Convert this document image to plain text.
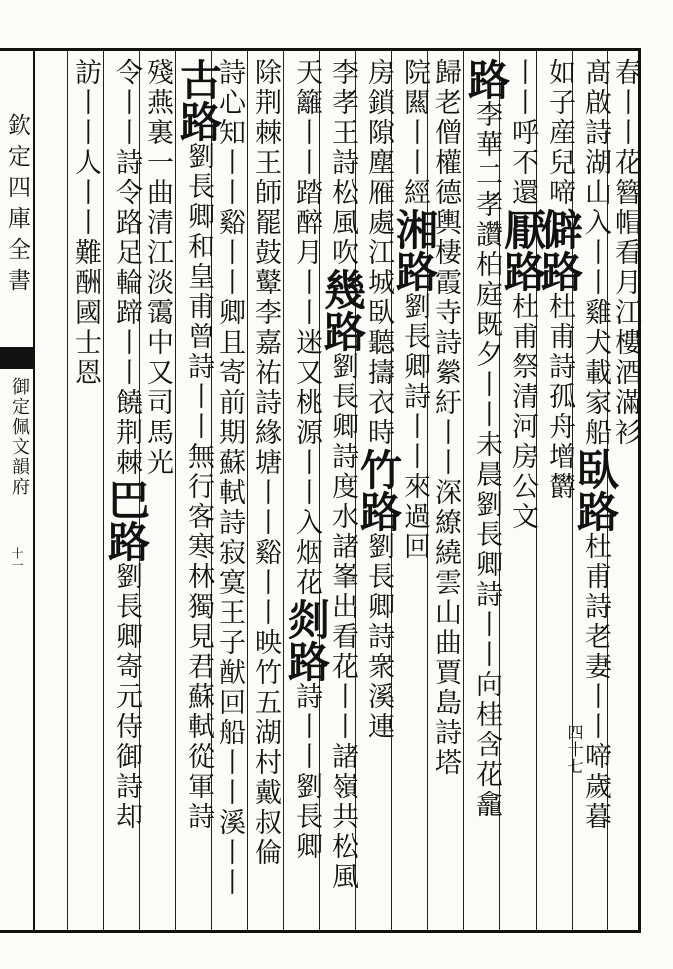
欽定四庫全書
御定佩文韻府
十一
春丨丨花簪帽看月江樓酒滿衫
髙啟詩湖山入丨丨雞犬載家船臥路杜甫詩老妻丨丨啼歲暮
如子産兒啼僻路杜甫詩孤舟增欝
丨丨呼不還厭路杜甫祭清河房公文
路李華二孝讚柏庭既夕丨丨未晨劉長卿詩丨丨向桂含花龕
歸老僧權德輿棲霞寺詩縈紆丨丨深繚繞雲山曲賈島詩塔
院闗丨丨經湘路劉長卿詩丨丨來過回
房鎖隙塵雁處江城臥聽擣衣時竹路劉長卿詩衆溪連
李孝王詩松風吹幾路劉長卿詩度水諸峯出看花丨丨諸嶺共松風
天籬丨丨踏醉月丨丨迷又桃源丨丨入烟花剡路詩丨丨劉長卿
除荆棘王師罷鼓鼙李嘉祐詩緣塘丨丨谿丨丨映竹五湖村戴叔倫
詩心知丨丨谿丨丨卿且寄前期蘇軾詩寂寞王子猷回船丨丨溪丨丨
古路劉長卿和皇甫曾詩丨丨無行客寒林獨見君蘇軾從軍詩
殘燕裏一曲清江淡霭中又司馬光
令丨丨詩令路足輪蹄丨丨饒荆棘巴路劉長卿寄元侍御詩却
訪丨丨人丨丨難酬國士恩
四十七
